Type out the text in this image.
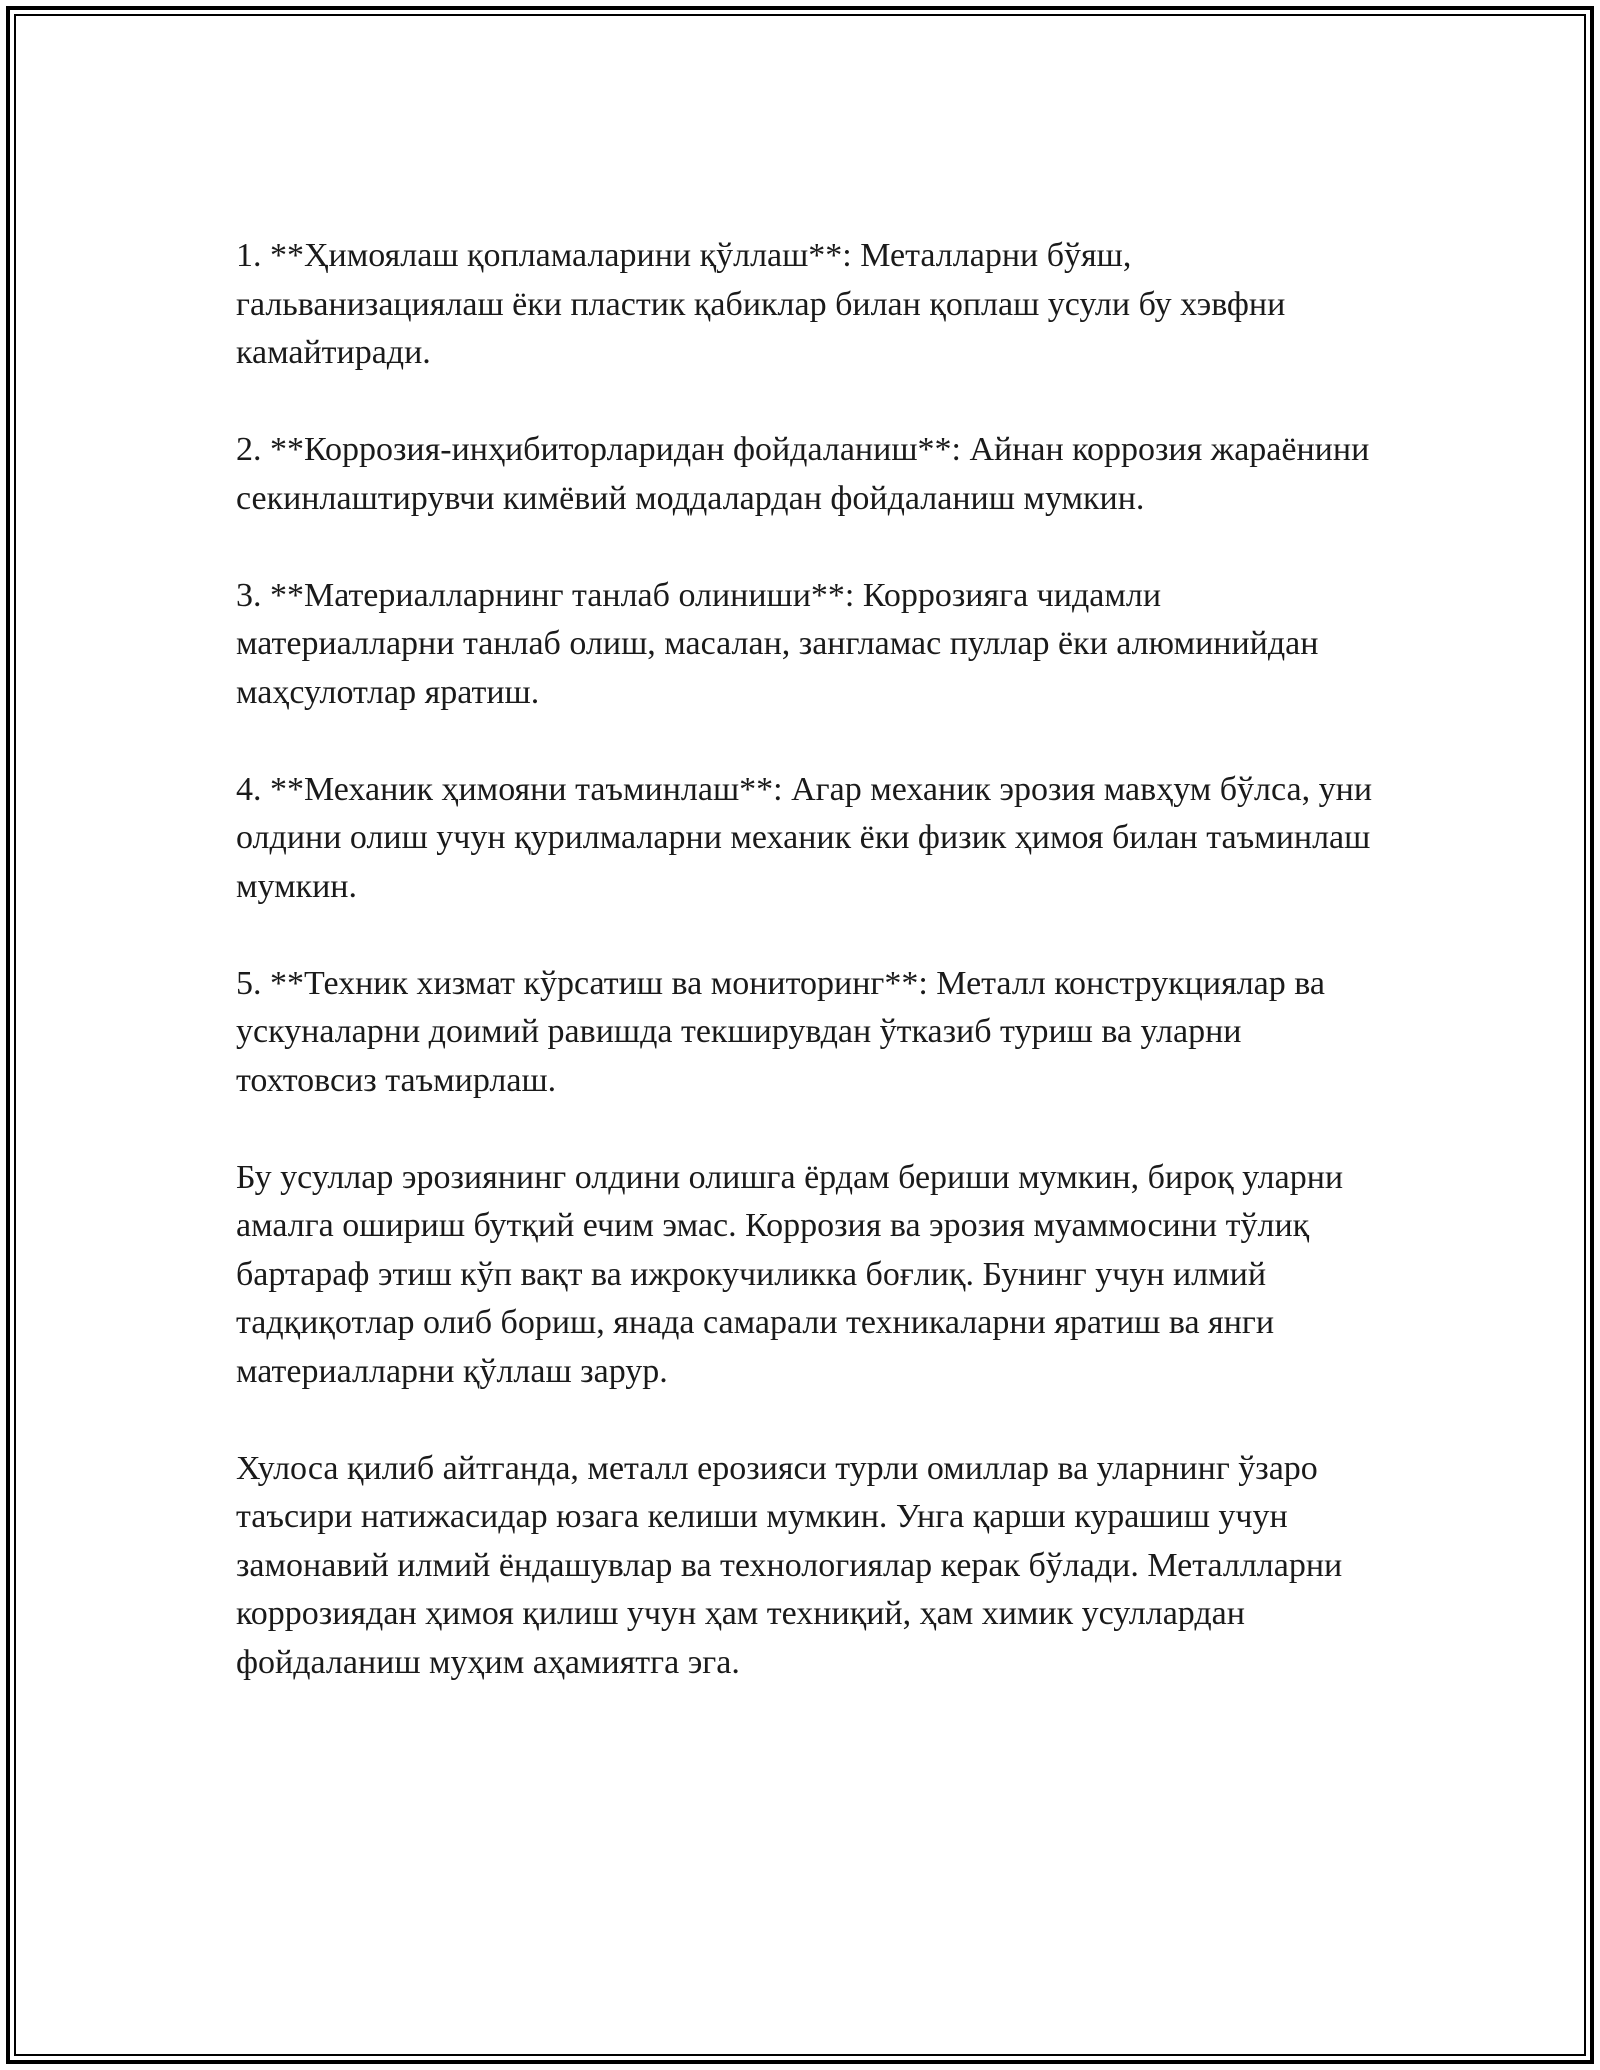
1. **Ҳимоялаш қопламаларини қўллаш**: Металларни бўяш, гальванизациялаш ёки пластик қабиклар билан қоплаш усули бу хэвфни камайтиради.

2. **Коррозия-инҳибиторларидан фойдаланиш**: Айнан коррозия жараёнини секинлаштирувчи кимёвий моддалардан фойдаланиш мумкин.

3. **Материалларнинг танлаб олиниши**: Коррозияга чидамли материалларни танлаб олиш, масалан, зангламас пуллар ёки алюминийдан маҳсулотлар яратиш.

4. **Механик ҳимояни таъминлаш**: Агар механик эрозия мавҳум бўлса, уни олдини олиш учун қурилмаларни механик ёки физик ҳимоя билан таъминлаш мумкин.

5. **Техник хизмат кўрсатиш ва мониторинг**: Металл конструкциялар ва ускуналарни доимий равишда текширувдан ўтказиб туриш ва уларни тохтовсиз таъмирлаш.

Бу усуллар эрозиянинг олдини олишга ёрдам бериши мумкин, бироқ уларни амалга ошириш бутқий ечим эмас. Коррозия ва эрозия муаммосини тўлиқ бартараф этиш кўп вақт ва ижрокучиликка боғлиқ. Бунинг учун илмий тадқиқотлар олиб бориш, янада самарали техникаларни яратиш ва янги материалларни қўллаш зарур.

Хулоса қилиб айтганда, металл ерозияси турли омиллар ва уларнинг ўзаро таъсири натижасидар юзага келиши мумкин. Унга қарши курашиш учун замонавий илмий ёндашувлар ва технологиялар керак бўлади. Металлларни коррозиядан ҳимоя қилиш учун ҳам техниқий, ҳам химик усуллардан фойдаланиш муҳим аҳамиятга эга.
